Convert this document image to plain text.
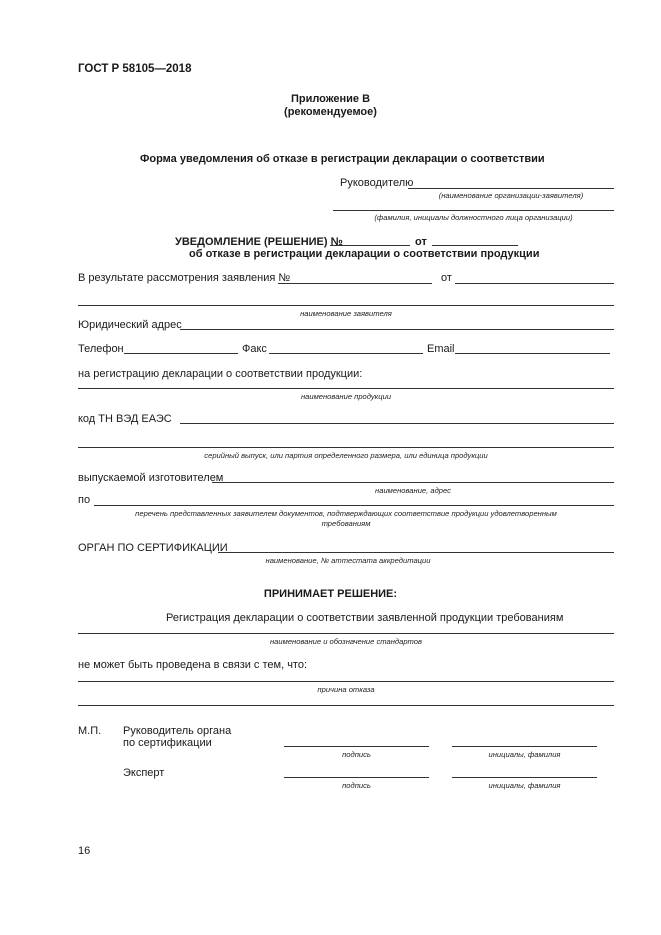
ГОСТ Р 58105—2018
Приложение В
(рекомендуемое)
Форма уведомления об отказе в регистрации декларации о соответствии
Руководителю
(наименование организации-заявителя)
(фамилия, инициалы должностного лица организации)
УВЕДОМЛЕНИЕ (РЕШЕНИЕ) №	от
об отказе в регистрации декларации о соответствии продукции
В результате рассмотрения заявления №	от
наименование заявителя
Юридический адрес
Телефон	Факс	Email
на регистрацию декларации о соответствии продукции:
наименование продукции
код ТН ВЭД ЕАЭС
серийный выпуск, или партия определенного размера, или единица продукции
выпускаемой изготовителем
наименование, адрес
по
перечень представленных заявителем документов, подтверждающих соответствие продукции удовлетворенным
требованиям
ОРГАН ПО СЕРТИФИКАЦИИ
наименование, № аттестата аккредитации
ПРИНИМАЕТ РЕШЕНИЕ:
Регистрация декларации о соответствии заявленной продукции требованиям
наименование и обозначение стандартов
не может быть проведена в связи с тем, что:
причина отказа
М.П. Руководитель органа
по сертификации
подпись	инициалы, фамилия
Эксперт
подпись	инициалы, фамилия
16
